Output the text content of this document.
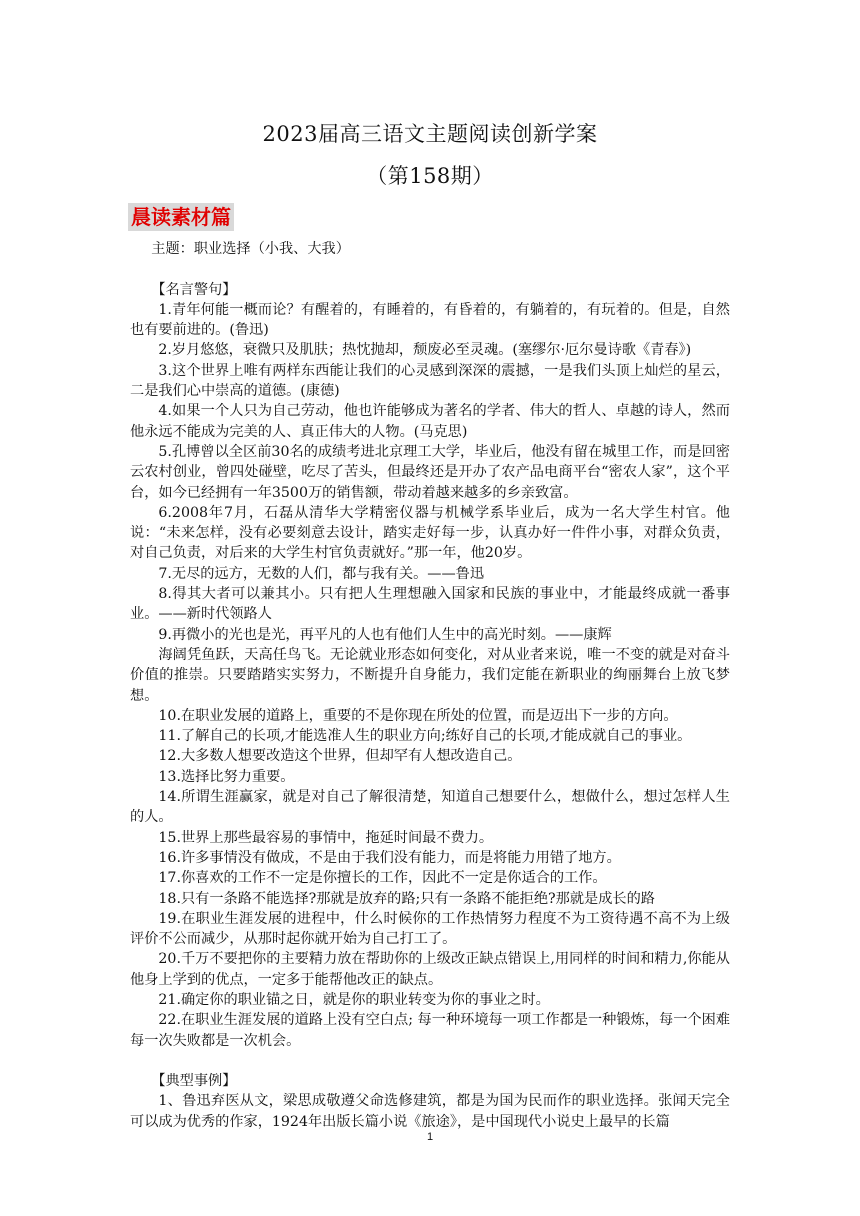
2023届高三语文主题阅读创新学案
（第158期）
晨读素材篇

主题：职业选择（小我、大我）

【名言警句】

1.青年何能一概而论？有醒着的，有睡着的，有昏着的，有躺着的，有玩着的。但是，自然也有要前进的。(鲁迅)

2.岁月悠悠，衰微只及肌肤；热忱抛却，颓废必至灵魂。(塞缪尔·厄尔曼诗歌《青春》)

3.这个世界上唯有两样东西能让我们的心灵感到深深的震撼，一是我们头顶上灿烂的星云，二是我们心中崇高的道德。(康德)

4.如果一个人只为自己劳动，他也许能够成为著名的学者、伟大的哲人、卓越的诗人，然而他永远不能成为完美的人、真正伟大的人物。(马克思)

5.孔博曾以全区前30名的成绩考进北京理工大学，毕业后，他没有留在城里工作，而是回密云农村创业，曾四处碰壁，吃尽了苦头，但最终还是开办了农产品电商平台“密农人家”，这个平台，如今已经拥有一年3500万的销售额，带动着越来越多的乡亲致富。

6.2008年7月，石磊从清华大学精密仪器与机械学系毕业后，成为一名大学生村官。他说：“未来怎样，没有必要刻意去设计，踏实走好每一步，认真办好一件件小事，对群众负责，对自己负责，对后来的大学生村官负责就好。”那一年，他20岁。

7.无尽的远方，无数的人们，都与我有关。——鲁迅

8.得其大者可以兼其小。只有把人生理想融入国家和民族的事业中，才能最终成就一番事业。——新时代领路人

9.再微小的光也是光，再平凡的人也有他们人生中的高光时刻。——康辉

海阔凭鱼跃，天高任鸟飞。无论就业形态如何变化，对从业者来说，唯一不变的就是对奋斗价值的推崇。只要踏踏实实努力，不断提升自身能力，我们定能在新职业的绚丽舞台上放飞梦想。

10.在职业发展的道路上，重要的不是你现在所处的位置，而是迈出下一步的方向。

11.了解自己的长项,才能选准人生的职业方向;练好自己的长项,才能成就自己的事业。

12.大多数人想要改造这个世界，但却罕有人想改造自己。

13.选择比努力重要。

14.所谓生涯赢家，就是对自己了解很清楚，知道自己想要什么，想做什么，想过怎样人生的人。

15.世界上那些最容易的事情中，拖延时间最不费力。

16.许多事情没有做成，不是由于我们没有能力，而是将能力用错了地方。

17.你喜欢的工作不一定是你擅长的工作，因此不一定是你适合的工作。

18.只有一条路不能选择?那就是放弃的路;只有一条路不能拒绝?那就是成长的路

19.在职业生涯发展的进程中，什么时候你的工作热情努力程度不为工资待遇不高不为上级评价不公而减少，从那时起你就开始为自己打工了。

20.千万不要把你的主要精力放在帮助你的上级改正缺点错误上,用同样的时间和精力,你能从他身上学到的优点，一定多于能帮他改正的缺点。

21.确定你的职业锚之日，就是你的职业转变为你的事业之时。

22.在职业生涯发展的道路上没有空白点; 每一种环境每一项工作都是一种锻炼，每一个困难每一次失败都是一次机会。

【典型事例】

1、鲁迅弃医从文，梁思成敬遵父命选修建筑，都是为国为民而作的职业选择。张闻天完全可以成为优秀的作家，1924年出版长篇小说《旅途》，是中国现代小说史上最早的长篇

1
